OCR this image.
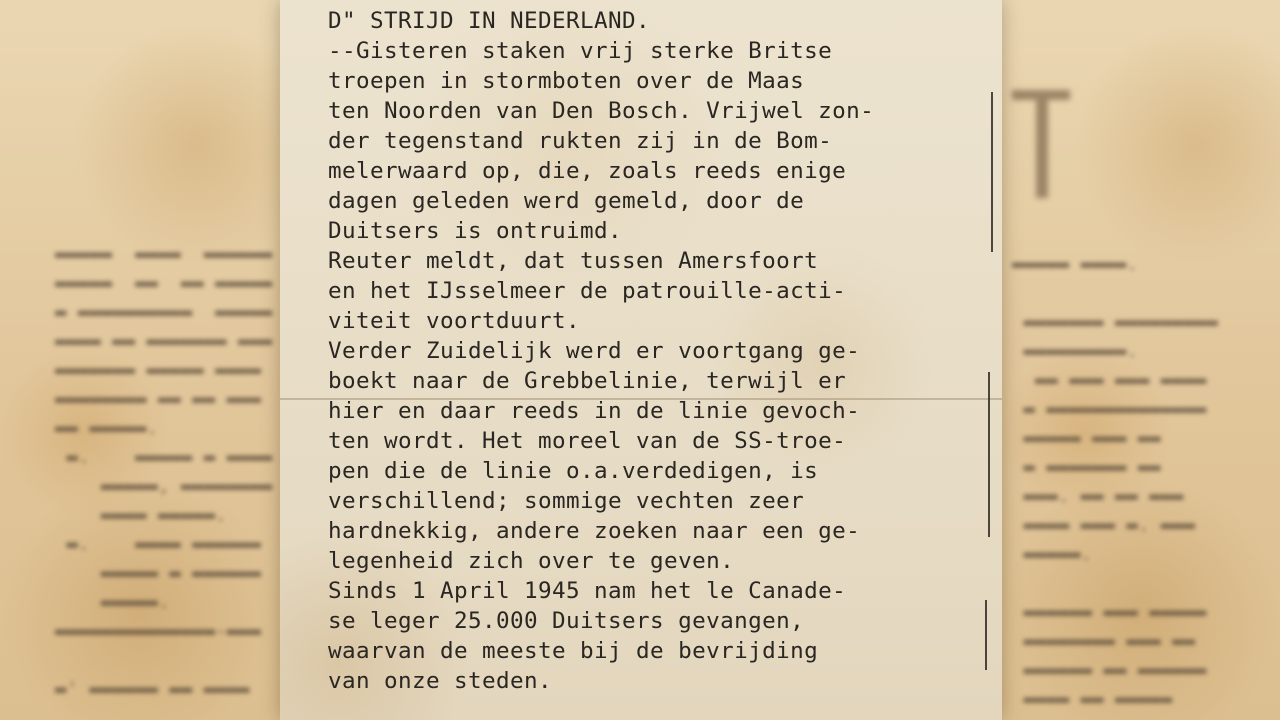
▬▬▬▬▬  ▬▬▬▬  ▬▬▬▬▬▬
▬▬▬▬▬  ▬▬  ▬▬ ▬▬▬▬▬
▬ ▬▬▬▬▬▬▬▬▬▬  ▬▬▬▬▬
▬▬▬▬ ▬▬ ▬▬▬▬▬▬▬ ▬▬▬
▬▬▬▬▬▬▬ ▬▬▬▬▬ ▬▬▬▬
▬▬▬▬▬▬▬▬ ▬▬ ▬▬ ▬▬▬
▬▬ ▬▬▬▬▬.
▬.    ▬▬▬▬▬ ▬ ▬▬▬▬
▬▬▬▬▬, ▬▬▬▬▬▬▬▬
▬▬▬▬ ▬▬▬▬▬.
▬.    ▬▬▬▬ ▬▬▬▬▬▬
▬▬▬▬▬ ▬ ▬▬▬▬▬▬
▬▬▬▬▬.
▬▬▬▬▬▬▬▬▬▬▬▬▬▬-▬▬▬

▬' ▬▬▬▬▬▬ ▬▬ ▬▬▬▬
▬▬▬▬▬ ▬▬▬▬.

▬▬▬▬▬▬▬ ▬▬▬▬▬▬▬▬▬
▬▬▬▬▬▬▬▬▬.
▬▬ ▬▬▬ ▬▬▬ ▬▬▬▬
▬ ▬▬▬▬▬▬▬▬▬▬▬▬▬▬
▬▬▬▬▬ ▬▬▬ ▬▬
▬ ▬▬▬▬▬▬▬ ▬▬
▬▬▬. ▬▬ ▬▬ ▬▬▬
▬▬▬▬ ▬▬▬ ▬. ▬▬▬
▬▬▬▬▬.

▬▬▬▬▬▬ ▬▬▬ ▬▬▬▬▬
▬▬▬▬▬▬▬▬ ▬▬▬ ▬▬
▬▬▬▬▬▬ ▬▬ ▬▬▬▬▬▬
▬▬▬▬ ▬▬ ▬▬▬▬▬
D" STRIJD IN NEDERLAND.
--Gisteren staken vrij sterke Britse
troepen in stormboten over de Maas
ten Noorden van Den Bosch. Vrijwel zon-
der tegenstand rukten zij in de Bom-
melerwaard op, die, zoals reeds enige
dagen geleden werd gemeld, door de
Duitsers is ontruimd.
Reuter meldt, dat tussen Amersfoort
en het IJsselmeer de patrouille-acti-
viteit voortduurt.
Verder Zuidelijk werd er voortgang ge-
boekt naar de Grebbelinie, terwijl er
hier en daar reeds in de linie gevoch-
ten wordt. Het moreel van de SS-troe-
pen die de linie o.a.verdedigen, is
verschillend; sommige vechten zeer
hardnekkig, andere zoeken naar een ge-
legenheid zich over te geven.
Sinds 1 April 1945 nam het le Canade-
se leger 25.000 Duitsers gevangen,
waarvan de meeste bij de bevrijding
van onze steden.
